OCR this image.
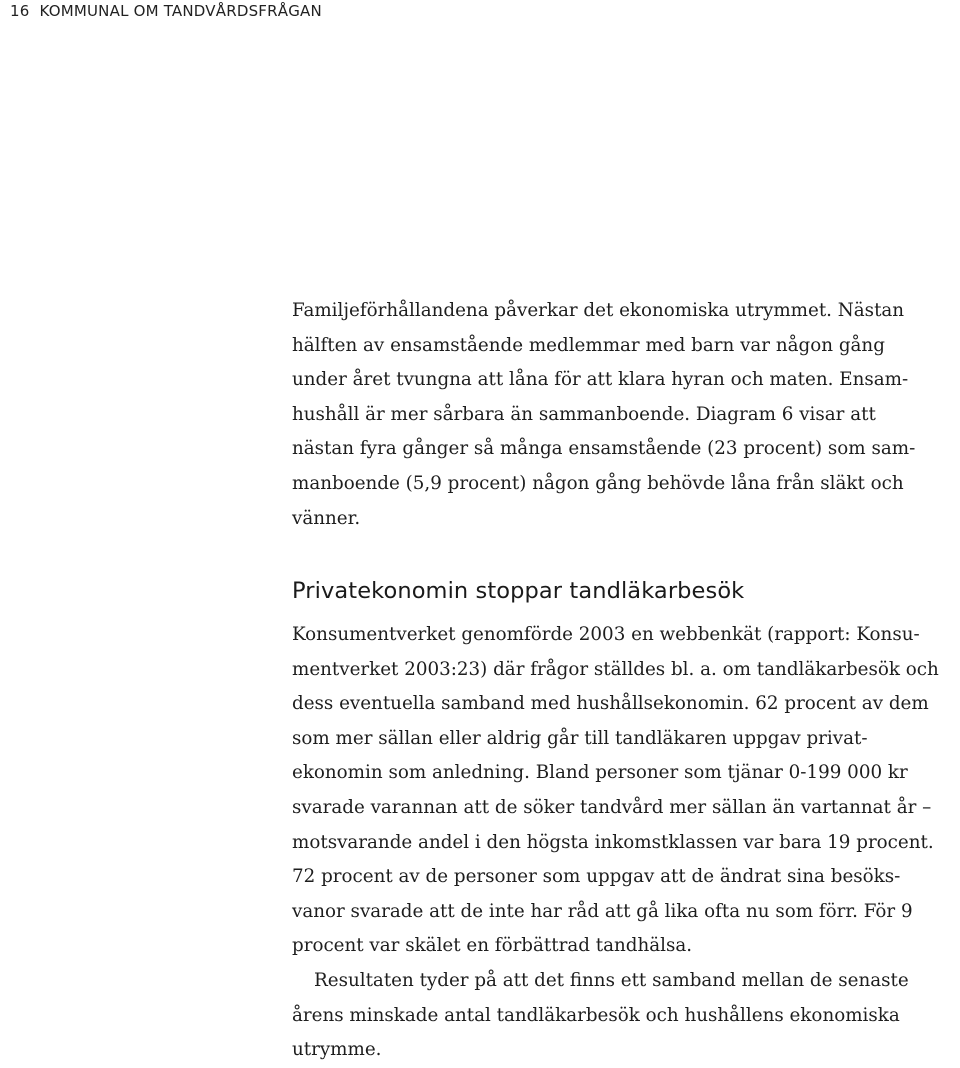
16 KOMMUNAL OM TANDVÅRDSFRÅGAN
Familjeförhållandena påverkar det ekonomiska utrymmet. Nästan
hälften av ensamstående medlemmar med barn var någon gång
under året tvungna att låna för att klara hyran och maten. Ensam-
hushåll är mer sårbara än sammanboende. Diagram 6 visar att
nästan fyra gånger så många ensamstående (23 procent) som sam-
manboende (5,9 procent) någon gång behövde låna från släkt och
vänner.
Privatekonomin stoppar tandläkarbesök
Konsumentverket genomförde 2003 en webbenkät (rapport: Konsu-
mentverket 2003:23) där frågor ställdes bl. a. om tandläkarbesök och
dess eventuella samband med hushållsekonomin. 62 procent av dem
som mer sällan eller aldrig går till tandläkaren uppgav privat-
ekonomin som anledning. Bland personer som tjänar 0-199 000 kr
svarade varannan att de söker tandvård mer sällan än vartannat år –
motsvarande andel i den högsta inkomstklassen var bara 19 procent.
72 procent av de personer som uppgav att de ändrat sina besöks-
vanor svarade att de inte har råd att gå lika ofta nu som förr. För 9
procent var skälet en förbättrad tandhälsa.
Resultaten tyder på att det finns ett samband mellan de senaste
årens minskade antal tandläkarbesök och hushållens ekonomiska
utrymme.
